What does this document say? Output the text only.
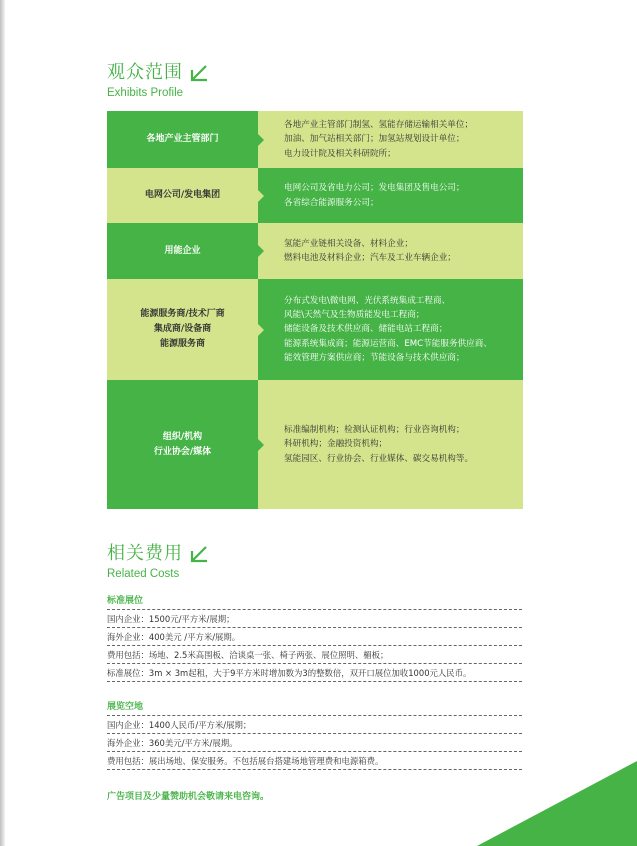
观众范围
Exhibits Profile
各地产业主管部门
各地产业主管部门制氢、氢能存储运输相关单位；
加油、加气站相关部门；加氢站规划设计单位；
电力设计院及相关科研院所；
电网公司/发电集团
电网公司及省电力公司；发电集团及售电公司；
各省综合能源服务公司；
用能企业
氢能产业链相关设备、材料企业；
燃料电池及材料企业；汽车及工业车辆企业；
能源服务商/技术厂商
集成商/设备商
能源服务商
分布式发电\微电网、光伏系统集成工程商、
风能\天然气及生物质能发电工程商；
储能设备及技术供应商、储能电站工程商；
能源系统集成商；能源运营商、EMC节能服务供应商、
能效管理方案供应商；节能设备与技术供应商；
组织/机构
行业协会/媒体
标准编制机构；检测认证机构；行业咨询机构；
科研机构；金融投资机构；
氢能园区、行业协会、行业媒体、碳交易机构等。
相关费用
Related Costs
标准展位
国内企业：1500元/平方米/展期；
海外企业：400美元 /平方米/展期。
费用包括：场地、2.5米高围板、洽谈桌一张、椅子两张、展位照明、楣板；
标准展位：3m × 3m起租，大于9平方米时增加数为3的整数倍，双开口展位加收1000元人民币。
展览空地
国内企业：1400人民币/平方米/展期；
海外企业：360美元/平方米/展期。
费用包括：展出场地、保安服务。不包括展台搭建场地管理费和电源箱费。
广告项目及少量赞助机会敬请来电咨询。
